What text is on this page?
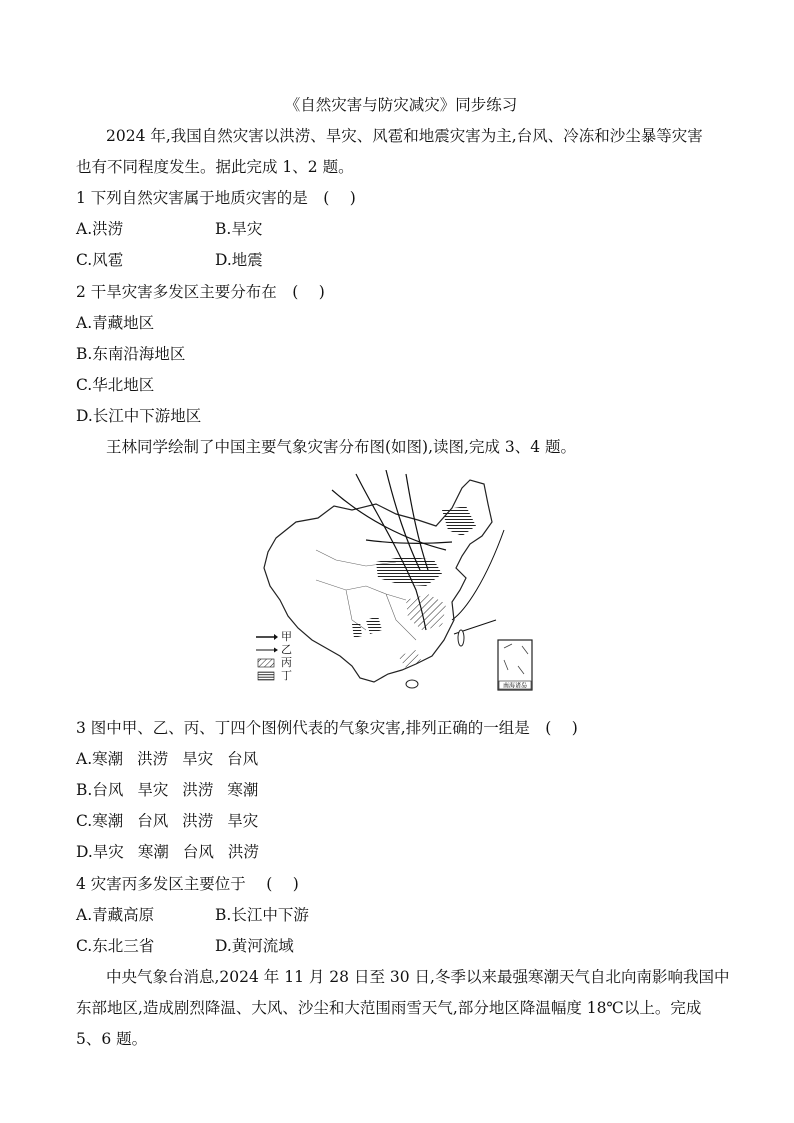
《自然灾害与防灾减灾》同步练习
2024 年,我国自然灾害以洪涝、旱灾、风雹和地震灾害为主,台风、冷冻和沙尘暴等灾害
也有不同程度发生。据此完成 1、2 题。
1 下列自然灾害属于地质灾害的是　(　 )
A.洪涝	B.旱灾
C.风雹	D.地震
2 干旱灾害多发区主要分布在　(　 )
A.青藏地区
B.东南沿海地区
C.华北地区
D.长江中下游地区
王林同学绘制了中国主要气象灾害分布图(如图),读图,完成 3、4 题。
南海诸岛
甲
乙
丙
丁
3 图中甲、乙、丙、丁四个图例代表的气象灾害,排列正确的一组是　(　 )
A.寒潮 洪涝 旱灾 台风
B.台风 旱灾 洪涝 寒潮
C.寒潮 台风 洪涝 旱灾
D.旱灾 寒潮 台风 洪涝
4 灾害丙多发区主要位于　 (　 )
A.青藏高原	B.长江中下游
C.东北三省	D.黄河流域
中央气象台消息,2024 年 11 月 28 日至 30 日,冬季以来最强寒潮天气自北向南影响我国中
东部地区,造成剧烈降温、大风、沙尘和大范围雨雪天气,部分地区降温幅度 18℃以上。完成
5、6 题。
